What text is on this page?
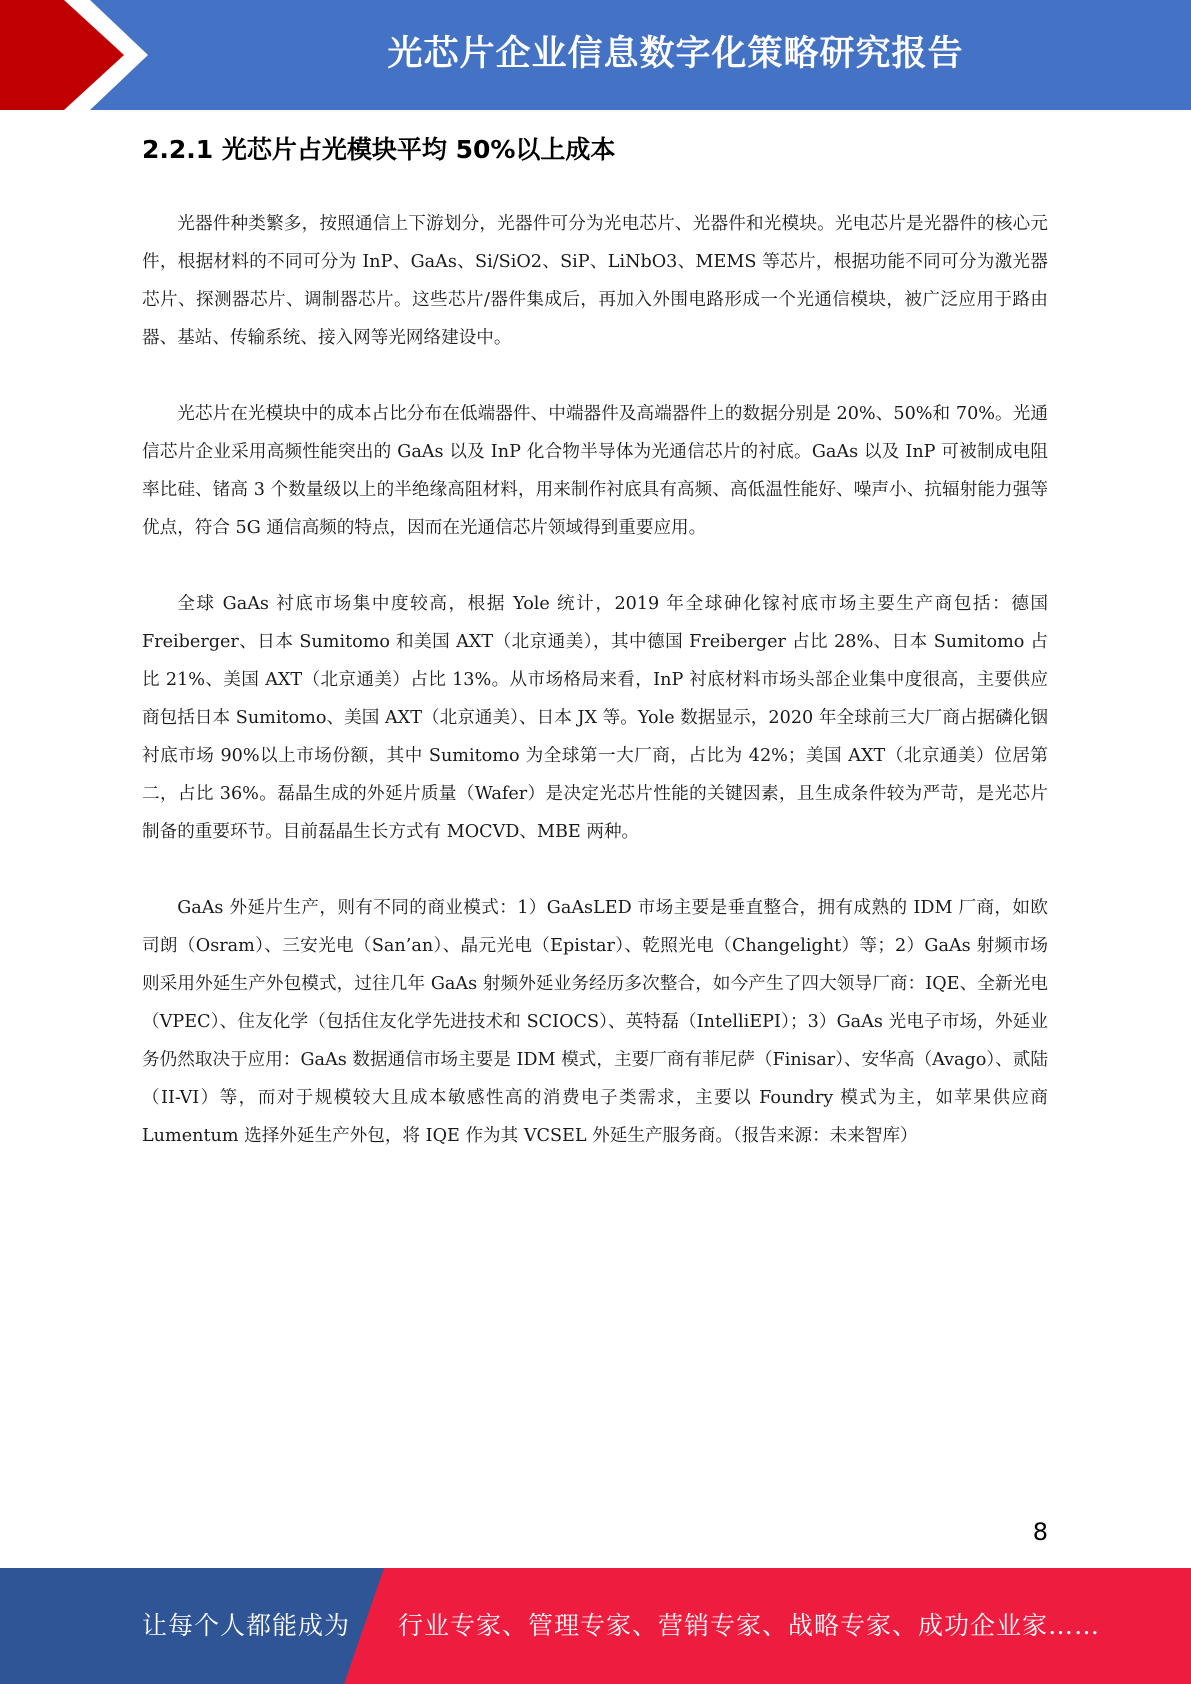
光芯片企业信息数字化策略研究报告
2.2.1 光芯片占光模块平均 50%以上成本

光器件种类繁多，按照通信上下游划分，光器件可分为光电芯片、光器件和光模块。光电芯片是光器件的核心元件，根据材料的不同可分为 InP、GaAs、Si/SiO2、SiP、LiNbO3、MEMS 等芯片，根据功能不同可分为激光器芯片、探测器芯片、调制器芯片。这些芯片/器件集成后，再加入外围电路形成一个光通信模块，被广泛应用于路由器、基站、传输系统、接入网等光网络建设中。

光芯片在光模块中的成本占比分布在低端器件、中端器件及高端器件上的数据分别是 20%、50%和 70%。光通信芯片企业采用高频性能突出的 GaAs 以及 InP 化合物半导体为光通信芯片的衬底。GaAs 以及 InP 可被制成电阻率比硅、锗高 3 个数量级以上的半绝缘高阻材料，用来制作衬底具有高频、高低温性能好、噪声小、抗辐射能力强等优点，符合 5G 通信高频的特点，因而在光通信芯片领域得到重要应用。

全球 GaAs 衬底市场集中度较高，根据 Yole 统计，2019 年全球砷化镓衬底市场主要生产商包括：德国 Freiberger、日本 Sumitomo 和美国 AXT（北京通美），其中德国 Freiberger 占比 28%、日本 Sumitomo 占比 21%、美国 AXT（北京通美）占比 13%。从市场格局来看，InP 衬底材料市场头部企业集中度很高，主要供应商包括日本 Sumitomo、美国 AXT（北京通美）、日本 JX 等。Yole 数据显示，2020 年全球前三大厂商占据磷化铟衬底市场 90%以上市场份额，其中 Sumitomo 为全球第一大厂商，占比为 42%；美国 AXT（北京通美）位居第二，占比 36%。磊晶生成的外延片质量（Wafer）是决定光芯片性能的关键因素，且生成条件较为严苛，是光芯片制备的重要环节。目前磊晶生长方式有 MOCVD、MBE 两种。

GaAs 外延片生产，则有不同的商业模式：1）GaAsLED 市场主要是垂直整合，拥有成熟的 IDM 厂商，如欧司朗（Osram）、三安光电（San’an）、晶元光电（Epistar）、乾照光电（Changelight）等；2）GaAs 射频市场则采用外延生产外包模式，过往几年 GaAs 射频外延业务经历多次整合，如今产生了四大领导厂商：IQE、全新光电（VPEC）、住友化学（包括住友化学先进技术和 SCIOCS）、英特磊（IntelliEPI）；3）GaAs 光电子市场，外延业务仍然取决于应用：GaAs 数据通信市场主要是 IDM 模式，主要厂商有菲尼萨（Finisar）、安华高（Avago）、贰陆（II-VI）等，而对于规模较大且成本敏感性高的消费电子类需求，主要以 Foundry 模式为主，如苹果供应商 Lumentum 选择外延生产外包，将 IQE 作为其 VCSEL 外延生产服务商。（报告来源：未来智库）

8
让每个人都能成为 行业专家、管理专家、营销专家、战略专家、成功企业家……
